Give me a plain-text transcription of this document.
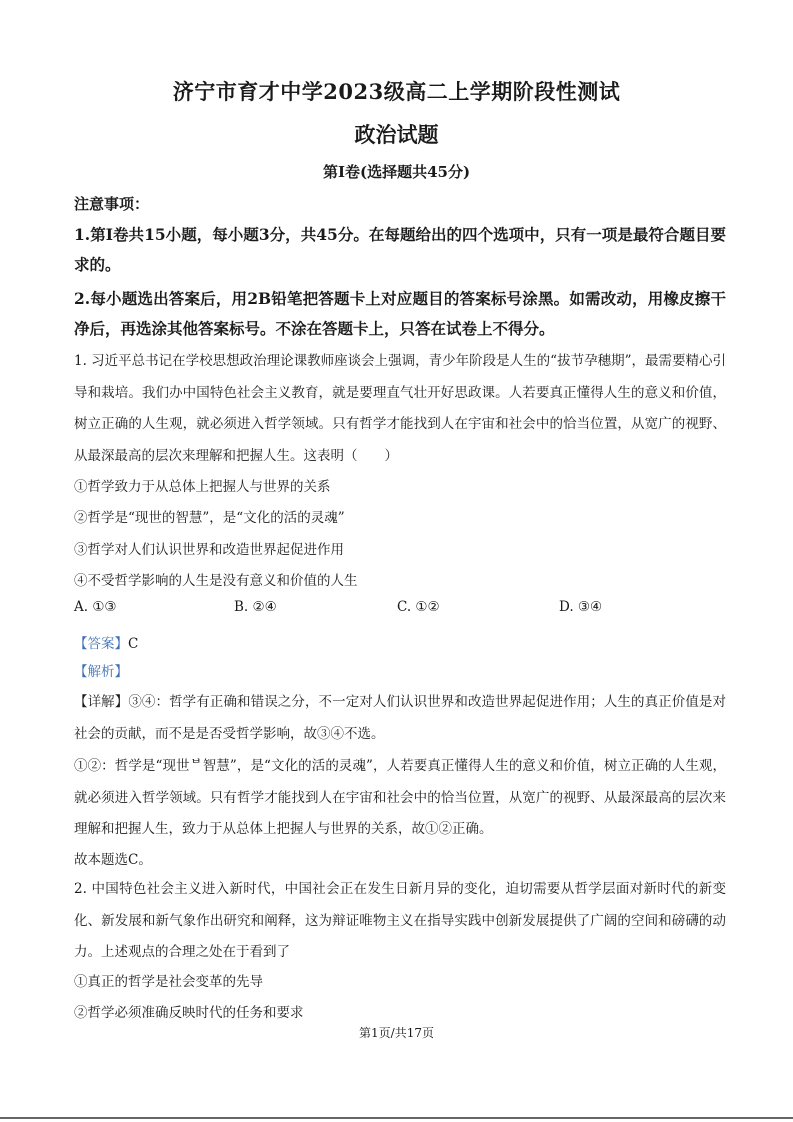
济宁市育才中学2023级高二上学期阶段性测试
政治试题
第Ⅰ卷(选择题共45分)
注意事项：
1.第Ⅰ卷共15小题，每小题3分，共45分。在每题给出的四个选项中，只有一项是最符合题目要求的。
2.每小题选出答案后，用2B铅笔把答题卡上对应题目的答案标号涂黑。如需改动，用橡皮擦干净后，再选涂其他答案标号。不涂在答题卡上，只答在试卷上不得分。
1. 习近平总书记在学校思想政治理论课教师座谈会上强调，青少年阶段是人生的“拔节孕穗期”，最需要精心引导和栽培。我们办中国特色社会主义教育，就是要理直气壮开好思政课。人若要真正懂得人生的意义和价值，树立正确的人生观，就必须进入哲学领域。只有哲学才能找到人在宇宙和社会中的恰当位置，从宽广的视野、从最深最高的层次来理解和把握人生。这表明（　　）
①哲学致力于从总体上把握人与世界的关系
②哲学是“现世的智慧”，是“文化的活的灵魂”
③哲学对人们认识世界和改造世界起促进作用
④不受哲学影响的人生是没有意义和价值的人生
A. ①③	B. ②④	C. ①②	D. ③④
【答案】C
【解析】
【详解】③④：哲学有正确和错误之分，不一定对人们认识世界和改造世界起促进作用；人生的真正价值是对社会的贡献，而不是是否受哲学影响，故③④不选。
①②：哲学是“现世ᄇ智慧”，是“文化的活的灵魂”，人若要真正懂得人生的意义和价值，树立正确的人生观，就必须进入哲学领域。只有哲学才能找到人在宇宙和社会中的恰当位置，从宽广的视野、从最深最高的层次来理解和把握人生，致力于从总体上把握人与世界的关系，故①②正确。
故本题选C。
2. 中国特色社会主义进入新时代，中国社会正在发生日新月异的变化，迫切需要从哲学层面对新时代的新变化、新发展和新气象作出研究和阐释，这为辩证唯物主义在指导实践中创新发展提供了广阔的空间和磅礴的动力。上述观点的合理之处在于看到了
①真正的哲学是社会变革的先导
②哲学必须准确反映时代的任务和要求
第1页/共17页
